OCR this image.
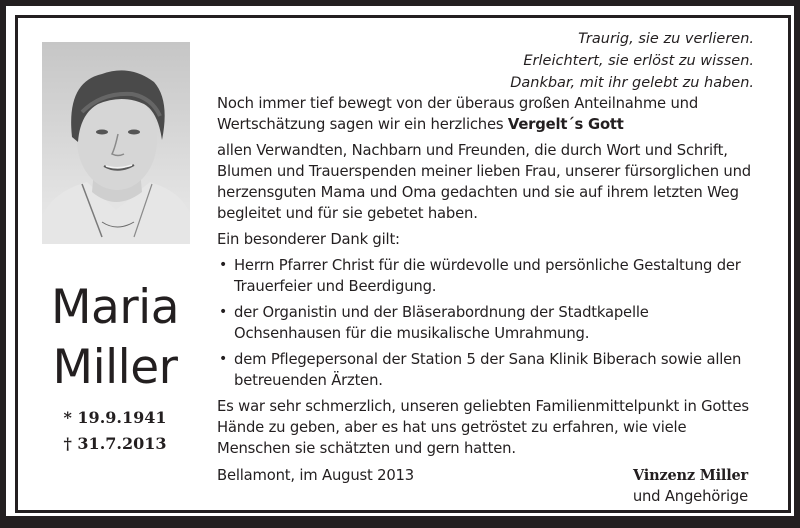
Maria
Miller
* 19.9.1941
† 31.7.2013
Traurig, sie zu verlieren.
Erleichtert, sie erlöst zu wissen.
Dankbar, mit ihr gelebt zu haben.

Noch immer tief bewegt von der überaus großen Anteilnahme und Wertschätzung sagen wir ein herzliches Vergelt´s Gott

allen Verwandten, Nachbarn und Freunden, die durch Wort und Schrift, Blumen und Trauerspenden meiner lieben Frau, unserer fürsorglichen und herzensguten Mama und Oma gedachten und sie auf ihrem letzten Weg begleitet und für sie gebetet haben.

Ein besonderer Dank gilt:

• Herrn Pfarrer Christ für die würdevolle und persönliche Gestaltung der Trauerfeier und Beerdigung.
• der Organistin und der Bläserabordnung der Stadtkapelle Ochsenhausen für die musikalische Umrahmung.
• dem Pflegepersonal der Station 5 der Sana Klinik Biberach sowie allen betreuenden Ärzten.

Es war sehr schmerzlich, unseren geliebten Familienmittelpunkt in Gottes Hände zu geben, aber es hat uns getröstet zu erfahren, wie viele Menschen sie schätzten und gern hatten.

Bellamont, im August 2013	Vinzenz Miller
und Angehörige
